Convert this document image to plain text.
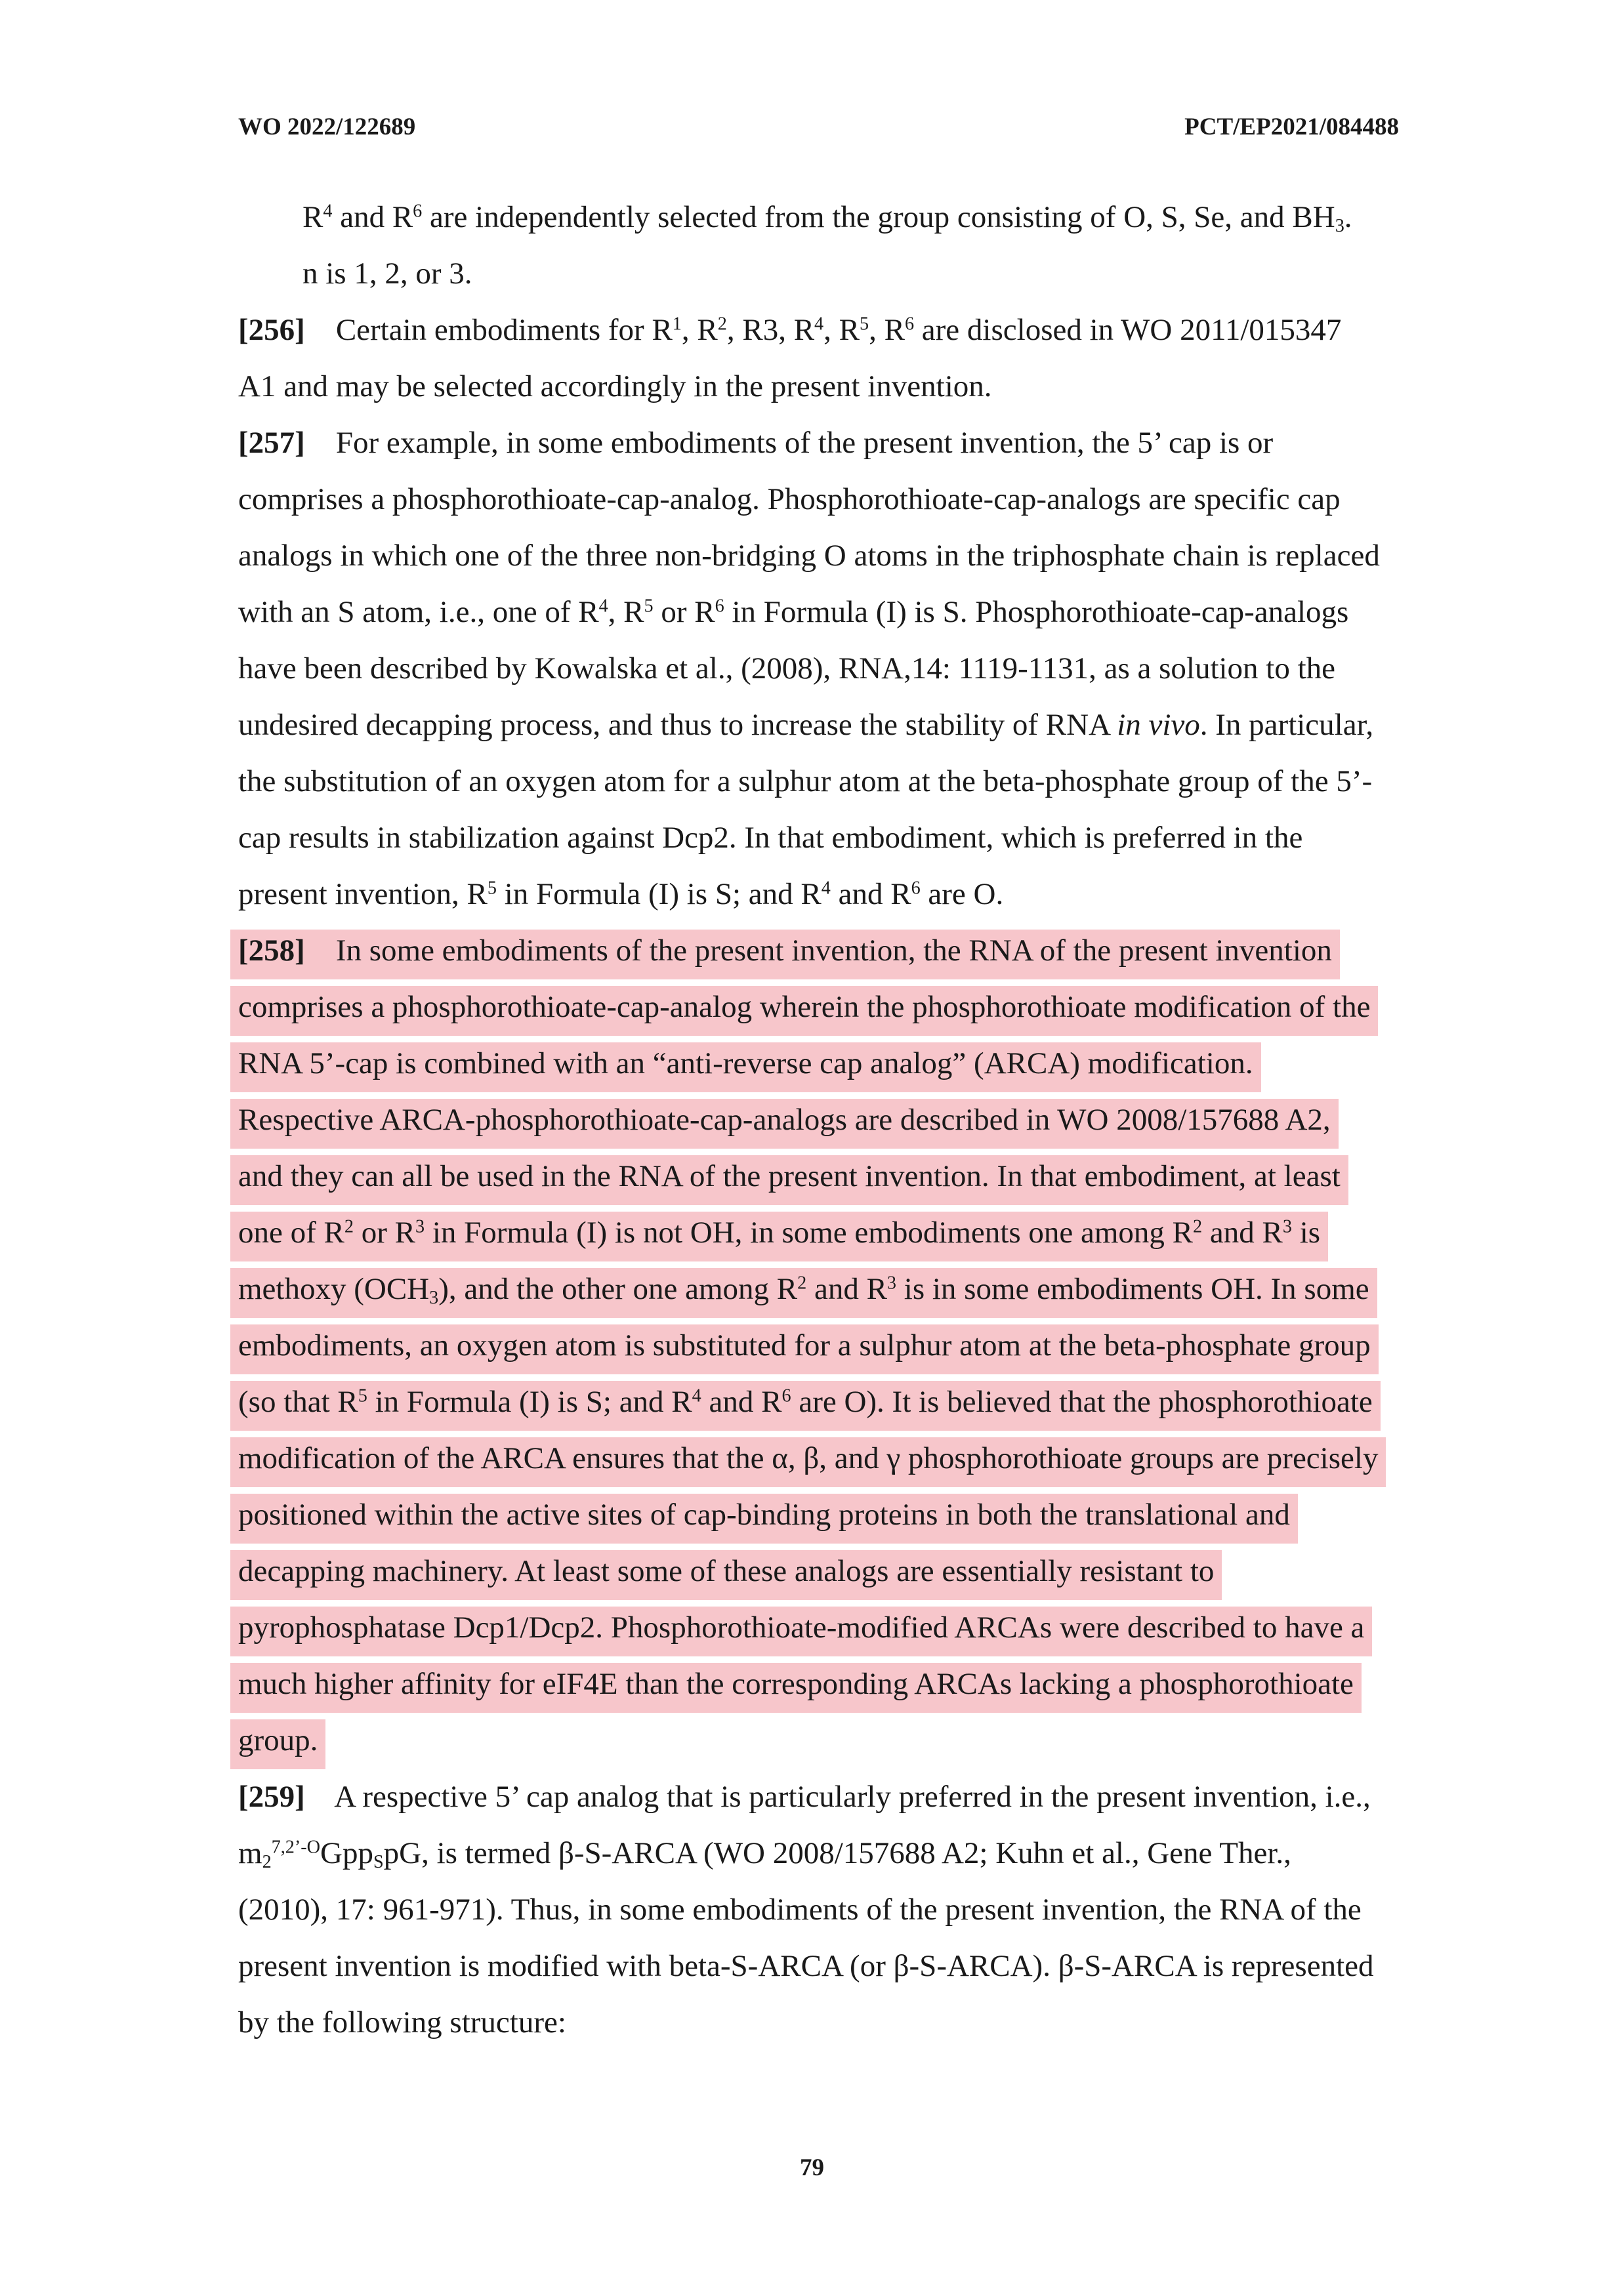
WO 2022/122689	PCT/EP2021/084488
$R^4$ and $R^6$ are independently selected from the group consisting of O, S, Se, and $BH_3$.
n is 1, 2, or 3.
[256]    Certain embodiments for $R^1$, $R^2$, R3, $R^4$, $R^5$, $R^6$ are disclosed in WO 2011/015347
A1 and may be selected accordingly in the present invention.
[257]    For example, in some embodiments of the present invention, the 5’ cap is or
comprises a phosphorothioate-cap-analog. Phosphorothioate-cap-analogs are specific cap
analogs in which one of the three non-bridging O atoms in the triphosphate chain is replaced
with an S atom, i.e., one of $R^4$, $R^5$ or $R^6$ in Formula (I) is S. Phosphorothioate-cap-analogs
have been described by Kowalska et al., (2008), RNA,14: 1119-1131, as a solution to the
undesired decapping process, and thus to increase the stability of RNA in vivo. In particular,
the substitution of an oxygen atom for a sulphur atom at the beta-phosphate group of the 5’-
cap results in stabilization against Dcp2. In that embodiment, which is preferred in the
present invention, $R^5$ in Formula (I) is S; and $R^4$ and $R^6$ are O.
[258]    In some embodiments of the present invention, the RNA of the present invention
comprises a phosphorothioate-cap-analog wherein the phosphorothioate modification of the
RNA 5’-cap is combined with an “anti-reverse cap analog” (ARCA) modification.
Respective ARCA-phosphorothioate-cap-analogs are described in WO 2008/157688 A2,
and they can all be used in the RNA of the present invention. In that embodiment, at least
one of $R^2$ or $R^3$ in Formula (I) is not OH, in some embodiments one among $R^2$ and $R^3$ is
methoxy $(OCH_3)$, and the other one among $R^2$ and $R^3$ is in some embodiments OH. In some
embodiments, an oxygen atom is substituted for a sulphur atom at the beta-phosphate group
(so that $R^5$ in Formula (I) is S; and $R^4$ and $R^6$ are O). It is believed that the phosphorothioate
modification of the ARCA ensures that the α, β, and γ phosphorothioate groups are precisely
positioned within the active sites of cap-binding proteins in both the translational and
decapping machinery. At least some of these analogs are essentially resistant to
pyrophosphatase Dcp1/Dcp2. Phosphorothioate-modified ARCAs were described to have a
much higher affinity for eIF4E than the corresponding ARCAs lacking a phosphorothioate
group.
[259]    A respective 5’ cap analog that is particularly preferred in the present invention, i.e.,
$m_2^{7,2’-O}Gpp_SpG$, is termed β-S-ARCA (WO 2008/157688 A2; Kuhn et al., Gene Ther.,
(2010), 17: 961-971). Thus, in some embodiments of the present invention, the RNA of the
present invention is modified with beta-S-ARCA (or β-S-ARCA). β-S-ARCA is represented
by the following structure:
79
